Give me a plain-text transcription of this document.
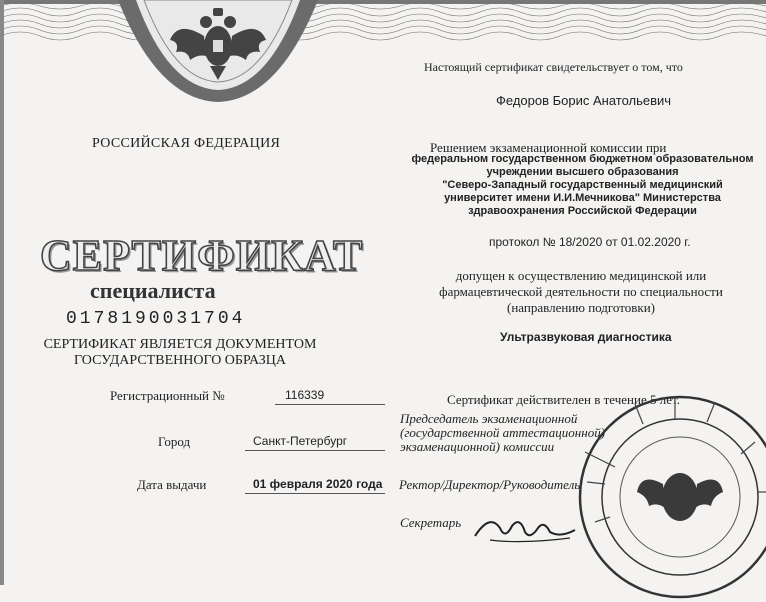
РОССИЙСКАЯ ФЕДЕРАЦИЯ
СЕРТИФИКАТ
специалиста
0178190031704
СЕРТИФИКАТ ЯВЛЯЕТСЯ ДОКУМЕНТОМ
ГОСУДАРСТВЕННОГО ОБРАЗЦА
Регистрационный №	116339
Город	Санкт-Петербург
Дата выдачи	01 февраля 2020 года
Настоящий сертификат свидетельствует о том, что
Федоров Борис Анатольевич
Решением экзаменационной комиссии при
федеральном государственном бюджетном образовательном
учреждении высшего образования
"Северо-Западный государственный медицинский
университет имени И.И.Мечникова" Министерства
здравоохранения Российской Федерации
протокол № 18/2020 от 01.02.2020 г.
допущен к осуществлению медицинской или
фармацевтической деятельности по специальности
(направлению подготовки)
Ультразвуковая диагностика
Сертификат действителен в течение 5 лет.
Председатель экзаменационной
(государственной аттестационной)
экзаменационной) комиссии
Ректор/Директор/Руководитель
Секретарь
